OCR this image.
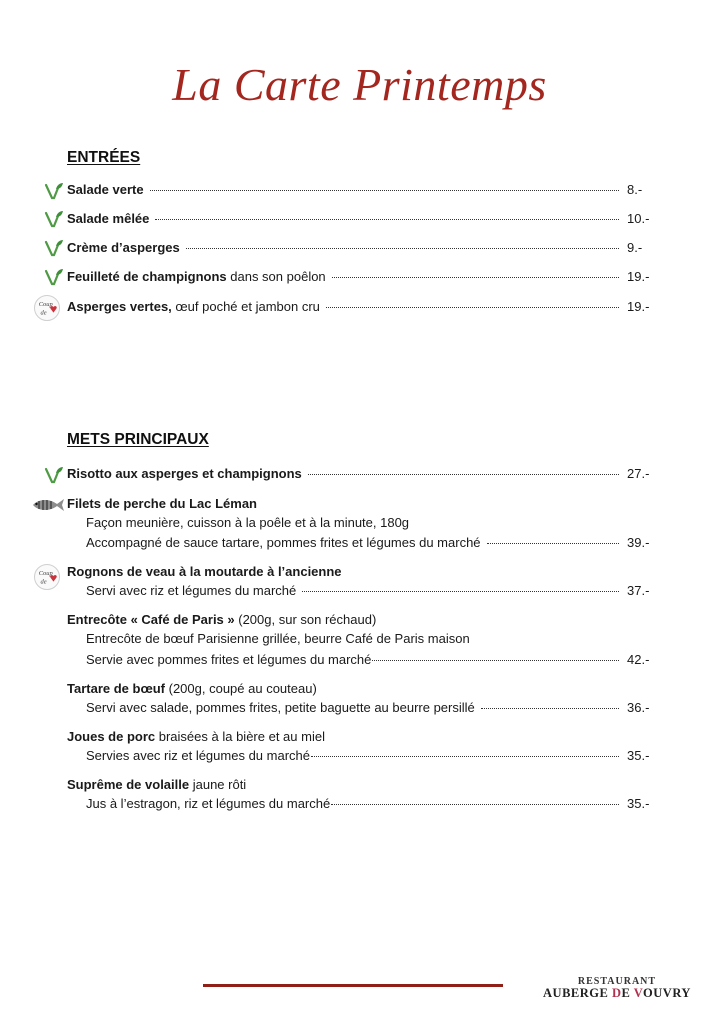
La Carte Printemps
ENTRÉES
Salade verte	8.-
Salade mêlée	10.-
Crème d’asperges	9.-
Feuilleté de champignons dans son poêlon	19.-
Asperges vertes, œuf poché et jambon cru	19.-
METS PRINCIPAUX
Risotto aux asperges et champignons	27.-
Filets de perche du Lac Léman
Façon meunière, cuisson à la poêle et à la minute, 180g
Accompagné de sauce tartare, pommes frites et légumes du marché	39.-
Rognons de veau à la moutarde à l’ancienne
Servi avec riz et légumes du marché	37.-
Entrecôte « Café de Paris » (200g, sur son réchaud)
Entrecôte de bœuf Parisienne grillée, beurre Café de Paris maison
Servie avec pommes frites et légumes du marché	42.-
Tartare de bœuf (200g, coupé au couteau)
Servi avec salade, pommes frites, petite baguette au beurre persillé	36.-
Joues de porc braisées à la bière et au miel
Servies avec riz et légumes du marché	35.-
Suprême de volaille jaune rôti
Jus à l’estragon, riz et légumes du marché	35.-
RESTAURANT
AUBERGE DE VOUVRY
